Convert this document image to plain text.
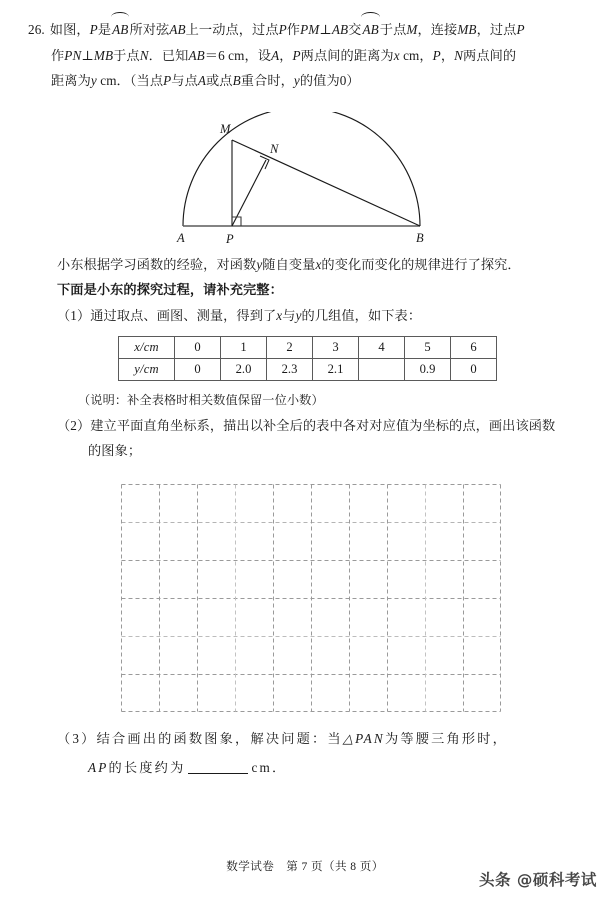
26. 如图，P是AB所对弦AB上一动点，过点P作PM⊥AB交AB于点M，连接MB，过点P
作PN⊥MB于点N．已知AB＝6 cm，设A，P两点间的距离为x cm，P，N两点间的
距离为y cm．（当点P与点A或点B重合时，y的值为0）
M
N
A	P	B
小东根据学习函数的经验，对函数y随自变量x的变化而变化的规律进行了探究．
下面是小东的探究过程，请补充完整：
（1）通过取点、画图、测量，得到了x与y的几组值，如下表：
x/cm	0	1	2	3	4	5	6
y/cm	0	2.0	2.3	2.1		0.9	0
（说明：补全表格时相关数值保留一位小数）
（2）建立平面直角坐标系，描出以补全后的表中各对对应值为坐标的点，画出该函数
的图象；
（3）结合画出的函数图象，解决问题：当△PAN为等腰三角形时，
AP的长度约为	cm．
数学试卷　第 7 页（共 8 页）
头条 @硕科考试
